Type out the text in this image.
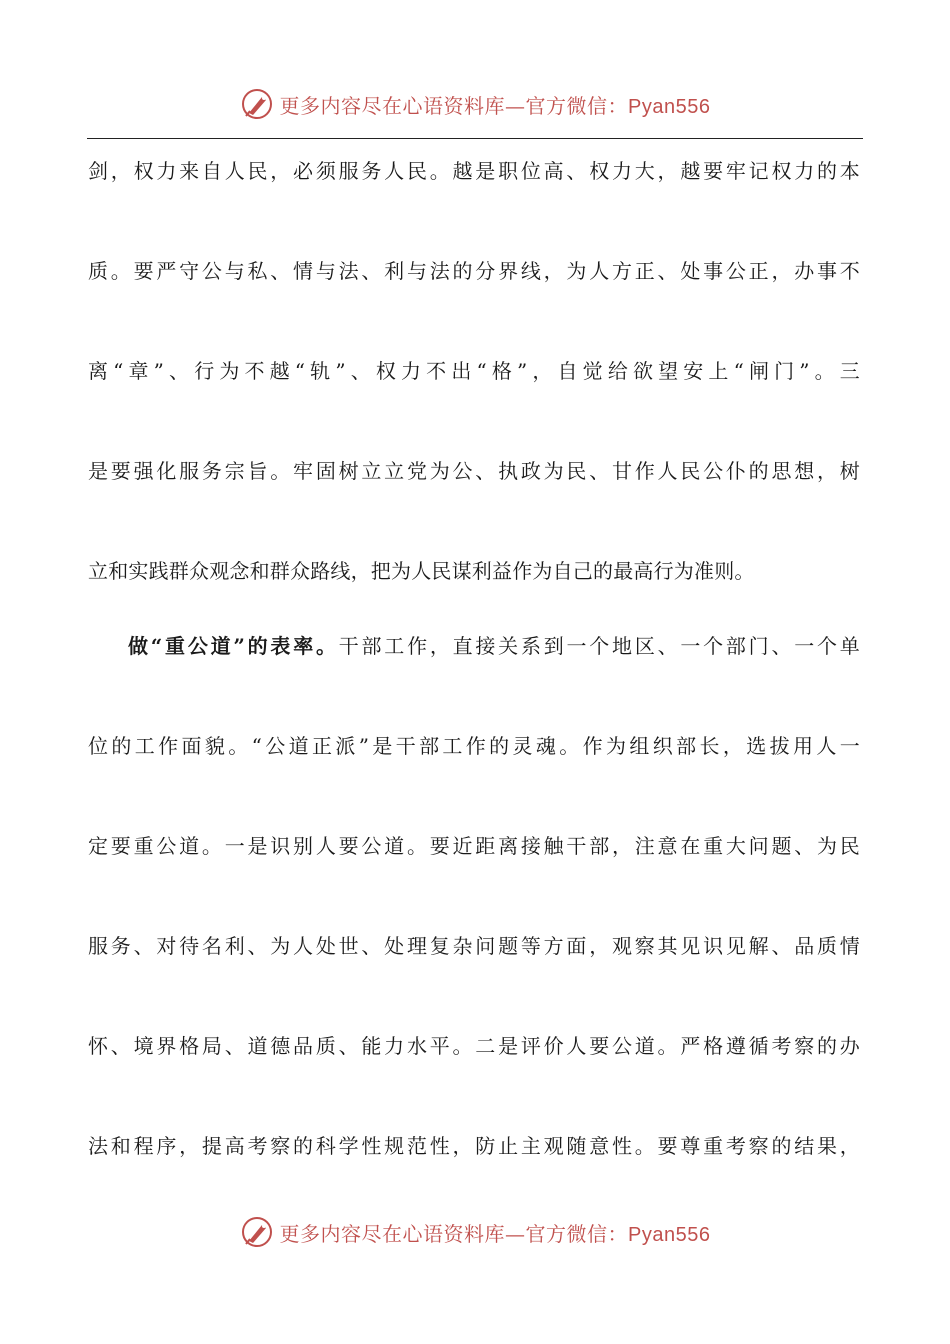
更多内容尽在心语资料库—官方微信：Pyan556
剑，权力来自人民，必须服务人民。越是职位高、权力大，越要牢记权力的本
质。要严守公与私、情与法、利与法的分界线，为人方正、处事公正，办事不
离“章”、行为不越“轨”、权力不出“格”，自觉给欲望安上“闸门”。三
是要强化服务宗旨。牢固树立立党为公、执政为民、甘作人民公仆的思想，树
立和实践群众观念和群众路线，把为人民谋利益作为自己的最高行为准则。
做“重公道”的表率。干部工作，直接关系到一个地区、一个部门、一个单
位的工作面貌。“公道正派”是干部工作的灵魂。作为组织部长，选拔用人一
定要重公道。一是识别人要公道。要近距离接触干部，注意在重大问题、为民
服务、对待名利、为人处世、处理复杂问题等方面，观察其见识见解、品质情
怀、境界格局、道德品质、能力水平。二是评价人要公道。严格遵循考察的办
法和程序，提高考察的科学性规范性，防止主观随意性。要尊重考察的结果，
更多内容尽在心语资料库—官方微信：Pyan556
